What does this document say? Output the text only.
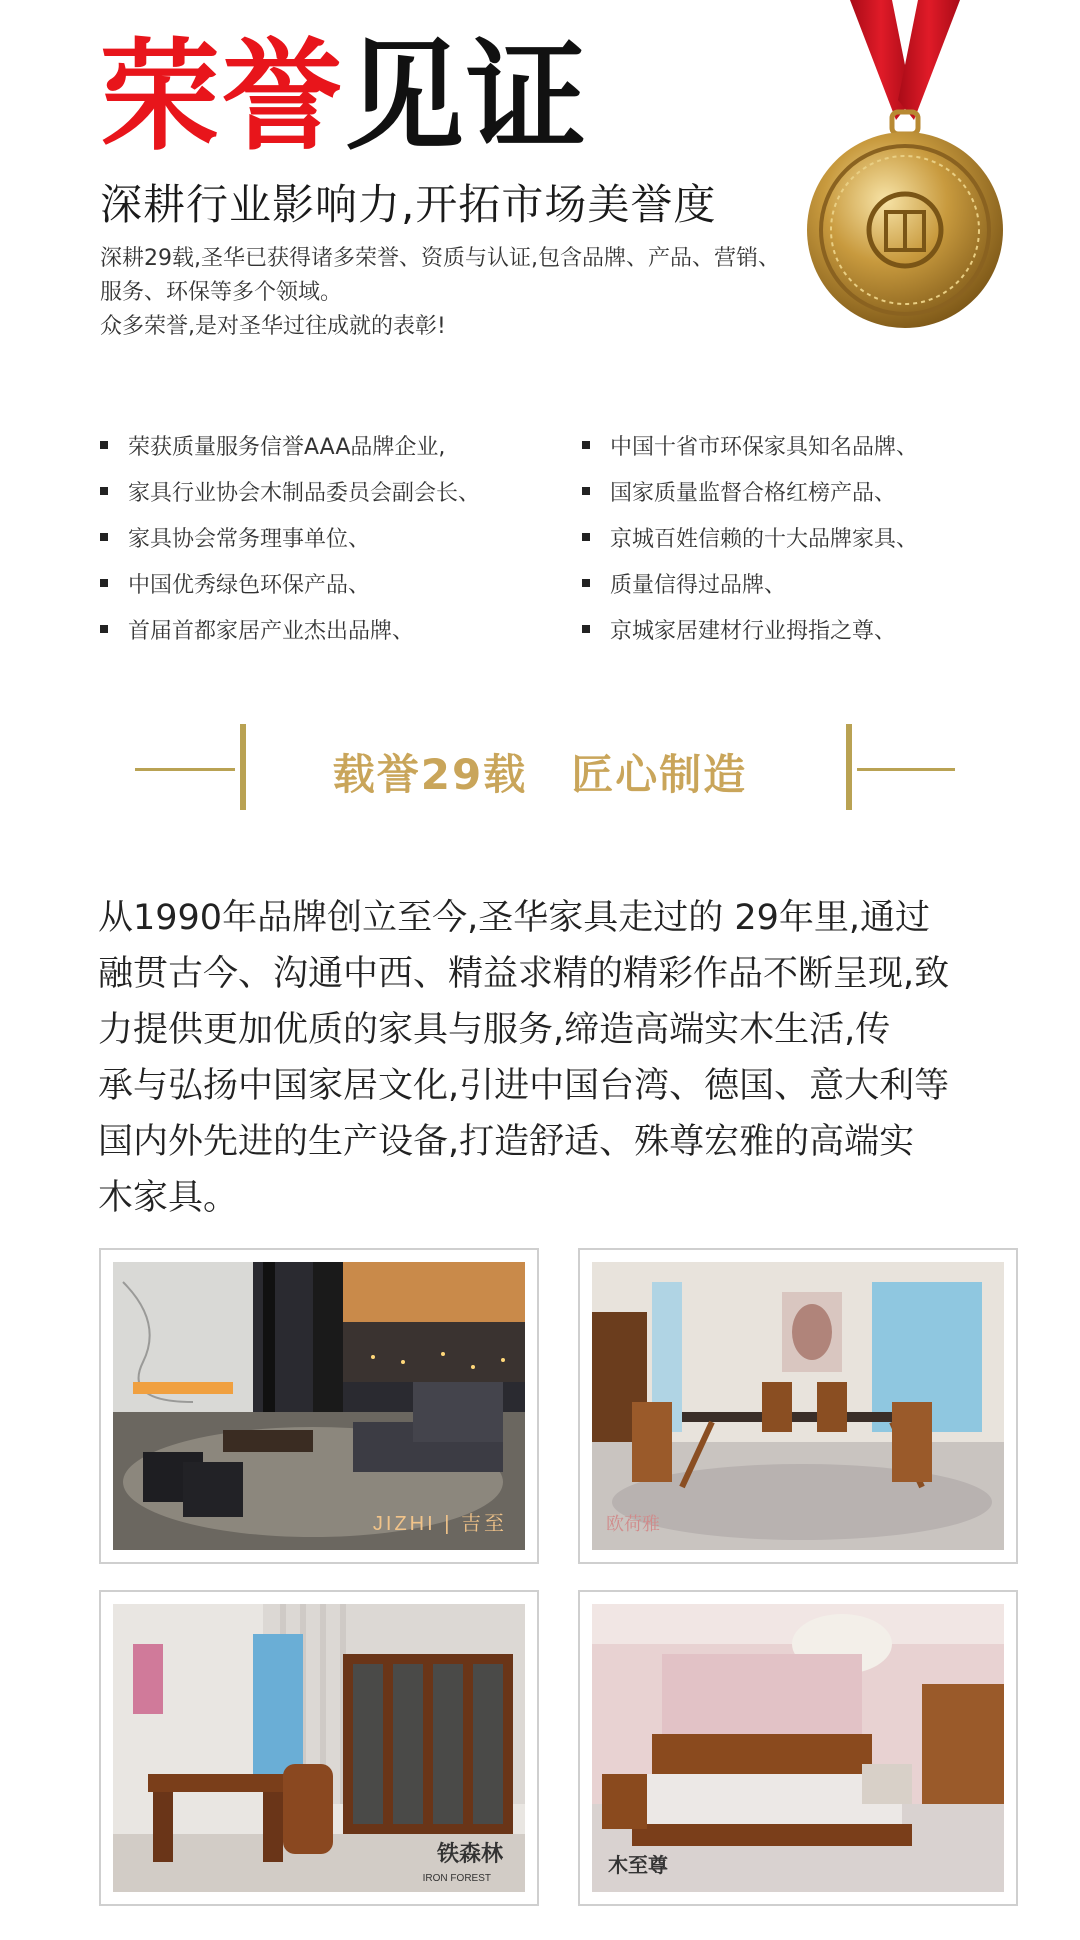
荣誉见证
深耕行业影响力,开拓市场美誉度
深耕29载,圣华已获得诸多荣誉、资质与认证,包含品牌、产品、营销、
服务、环保等多个领域。
众多荣誉,是对圣华过往成就的表彰!
荣获质量服务信誉AAA品牌企业,
家具行业协会木制品委员会副会长、
家具协会常务理事单位、
中国优秀绿色环保产品、
首届首都家居产业杰出品牌、
中国十省市环保家具知名品牌、
国家质量监督合格红榜产品、
京城百姓信赖的十大品牌家具、
质量信得过品牌、
京城家居建材行业拇指之尊、
载誉29载　匠心制造
从1990年品牌创立至今,圣华家具走过的 29年里,通过
融贯古今、沟通中西、精益求精的精彩作品不断呈现,致
力提供更加优质的家具与服务,缔造高端实木生活,传
承与弘扬中国家居文化,引进中国台湾、德国、意大利等
国内外先进的生产设备,打造舒适、殊尊宏雅的高端实
木家具。
JIZHI | 吉至	欧荷雅
铁森林
IRON FOREST
木至尊
